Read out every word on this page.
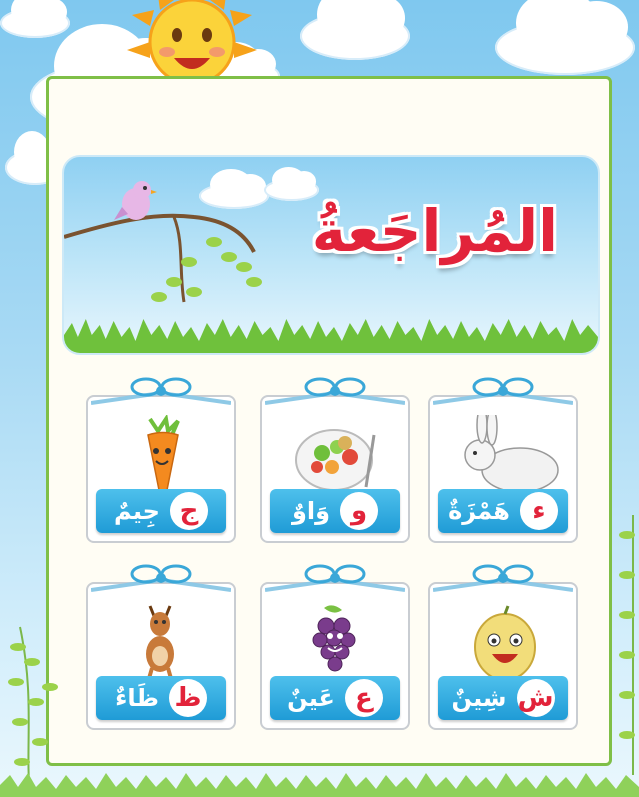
المُراجَعةُ
ء
هَمْزَةٌ
و
وَاوٌ
ج
جِيمٌ
ش
شِينٌ
ع
عَينٌ
ظ
ظَاءٌ
